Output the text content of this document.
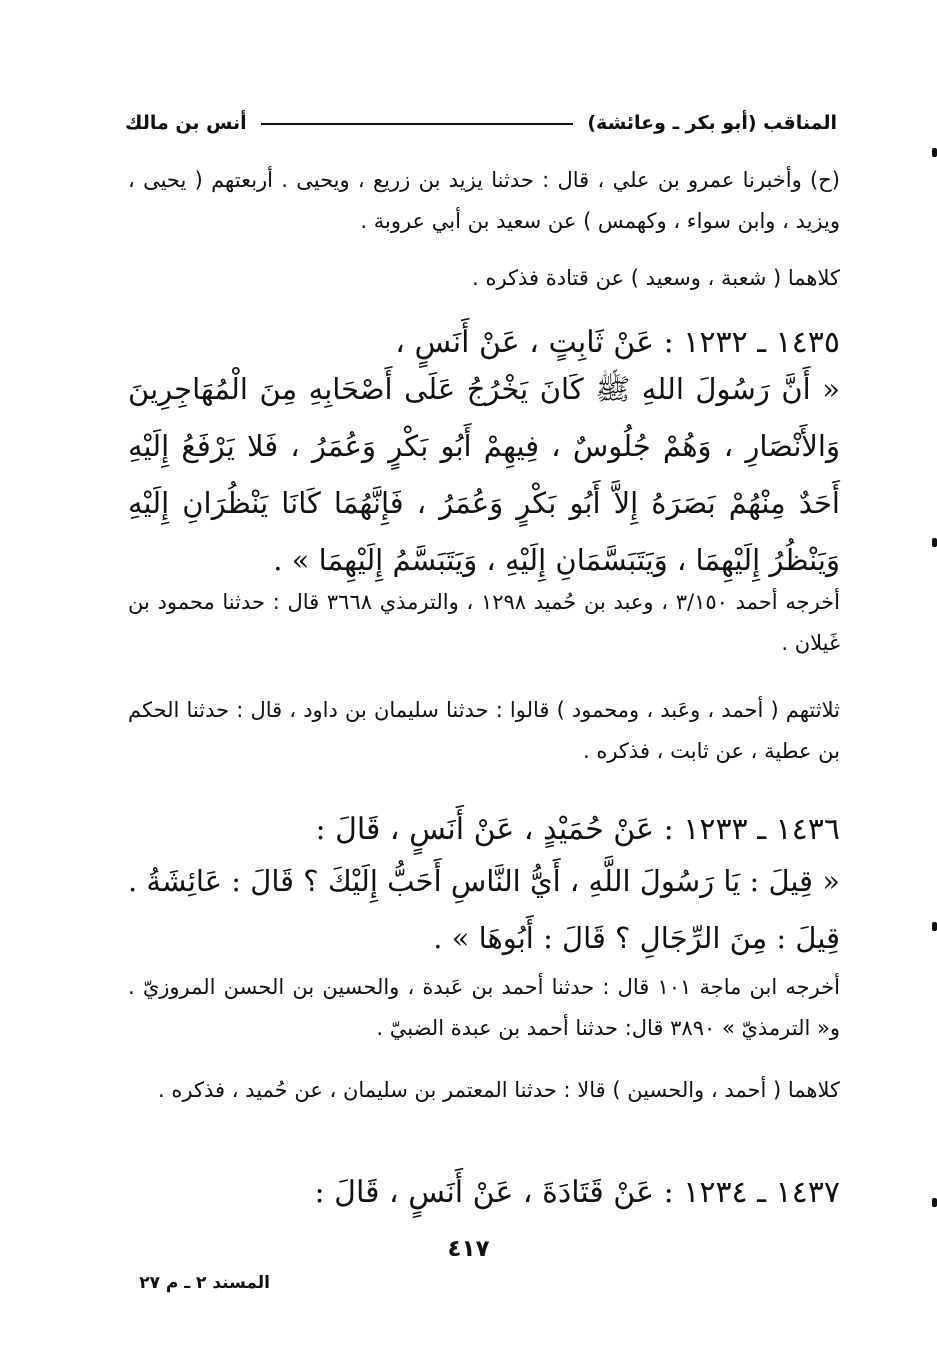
المناقب (أبو بكر ـ وعائشة)
أنس بن مالك
(ح) وأخبرنا عمرو بن علي ، قال : حدثنا يزيد بن زريع ، ويحيى . أربعتهم ( يحيى ، ويزيد ، وابن سواء ، وكهمس ) عن سعيد بن أبي عروبة .
كلاهما ( شعبة ، وسعيد ) عن قتادة فذكره .
١٤٣٥ ـ ١٢٣٢ : عَنْ ثَابِتٍ ، عَنْ أَنَسٍ ،
« أَنَّ رَسُولَ اللهِ ﷺ كَانَ يَخْرُجُ عَلَى أَصْحَابِهِ مِنَ الْمُهَاجِرِينَ وَالأَنْصَارِ ، وَهُمْ جُلُوسٌ ، فِيهِمْ أَبُو بَكْرٍ وَعُمَرُ ، فَلا يَرْفَعُ إِلَيْهِ أَحَدٌ مِنْهُمْ بَصَرَهُ إِلاَّ أَبُو بَكْرٍ وَعُمَرُ ، فَإِنَّهُمَا كَانَا يَنْظُرَانِ إِلَيْهِ وَيَنْظُرُ إِلَيْهِمَا ، وَيَتَبَسَّمَانِ إِلَيْهِ ، وَيَتَبَسَّمُ إِلَيْهِمَا » .
أخرجه أحمد ٣/١٥٠ ، وعبد بن حُميد ١٢٩٨ ، والترمذي ٣٦٦٨ قال : حدثنا محمود بن غَيلان .
ثلاثتهم ( أحمد ، وعَبد ، ومحمود ) قالوا : حدثنا سليمان بن داود ، قال : حدثنا الحكم بن عطية ، عن ثابت ، فذكره .
١٤٣٦ ـ ١٢٣٣ : عَنْ حُمَيْدٍ ، عَنْ أَنَسٍ ، قَالَ :
« قِيلَ : يَا رَسُولَ اللَّهِ ، أَيُّ النَّاسِ أَحَبُّ إِلَيْكَ ؟ قَالَ : عَائِشَةُ . قِيلَ : مِنَ الرِّجَالِ ؟ قَالَ : أَبُوهَا » .
أخرجه ابن ماجة ١٠١ قال : حدثنا أحمد بن عَبدة ، والحسين بن الحسن المروزيّ . و« الترمذيّ » ٣٨٩٠ قال: حدثنا أحمد بن عبدة الضبيّ .
كلاهما ( أحمد ، والحسين ) قالا : حدثنا المعتمر بن سليمان ، عن حُميد ، فذكره .
١٤٣٧ ـ ١٢٣٤ : عَنْ قَتَادَةَ ، عَنْ أَنَسٍ ، قَالَ :
٤١٧
المسند ٢ ـ م ٢٧
